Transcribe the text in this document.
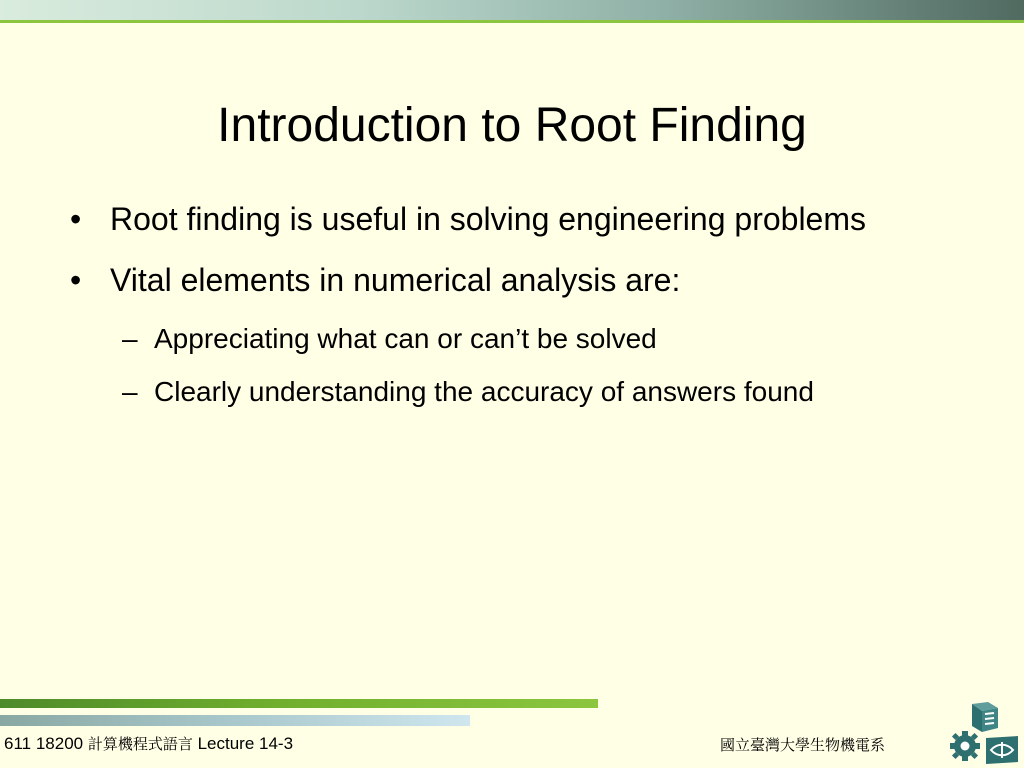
Introduction to Root Finding
• Root finding is useful in solving engineering problems
• Vital elements in numerical analysis are:
– Appreciating what can or can’t be solved
– Clearly understanding the accuracy of answers found
611 18200 計算機程式語言 Lecture 14-3	國立臺灣大學生物機電系
